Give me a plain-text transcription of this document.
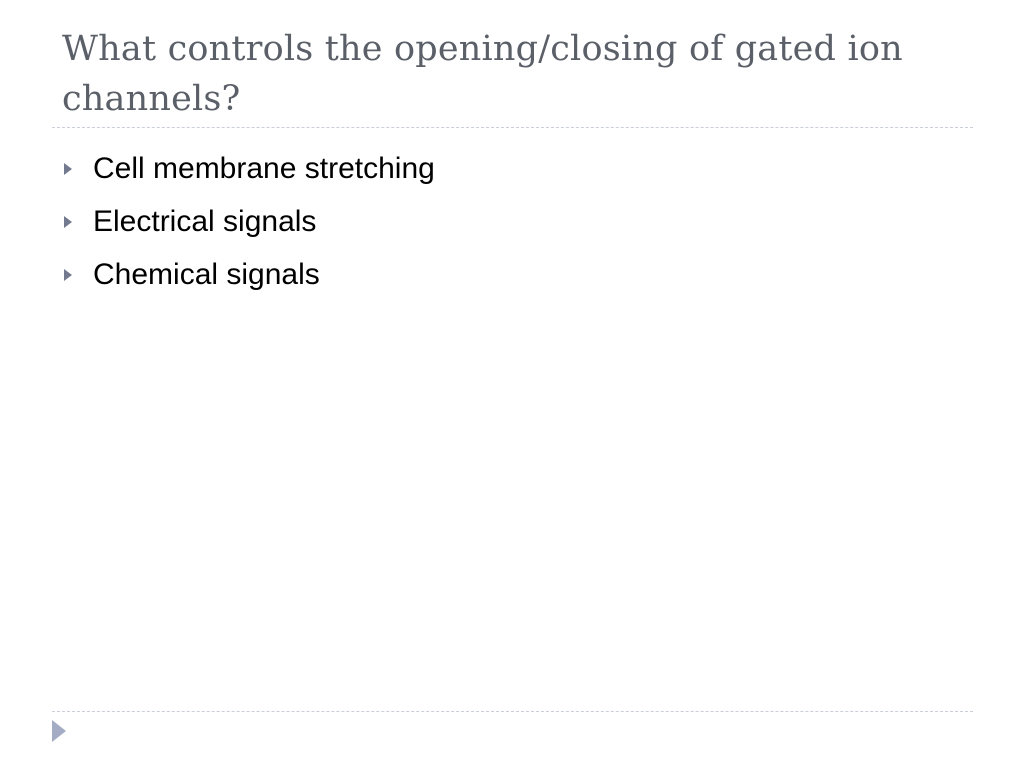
What controls the opening/closing of gated ion channels?
Cell membrane stretching
Electrical signals
Chemical signals
